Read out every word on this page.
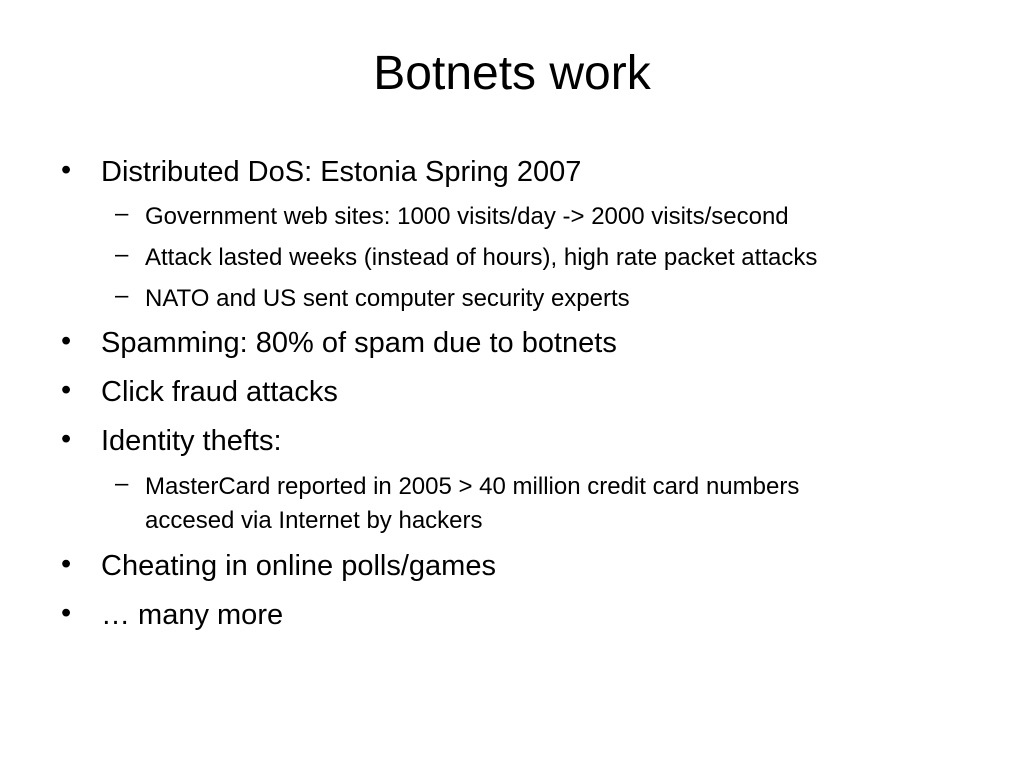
Botnets work
• Distributed DoS: Estonia Spring 2007
– Government web sites: 1000 visits/day -> 2000 visits/second
– Attack lasted weeks (instead of hours), high rate packet attacks
– NATO and US sent computer security experts
• Spamming: 80% of spam due to botnets
• Click fraud attacks
• Identity thefts:
– MasterCard reported in 2005 > 40 million credit card numbers
accesed via Internet by hackers
• Cheating in online polls/games
• … many more
